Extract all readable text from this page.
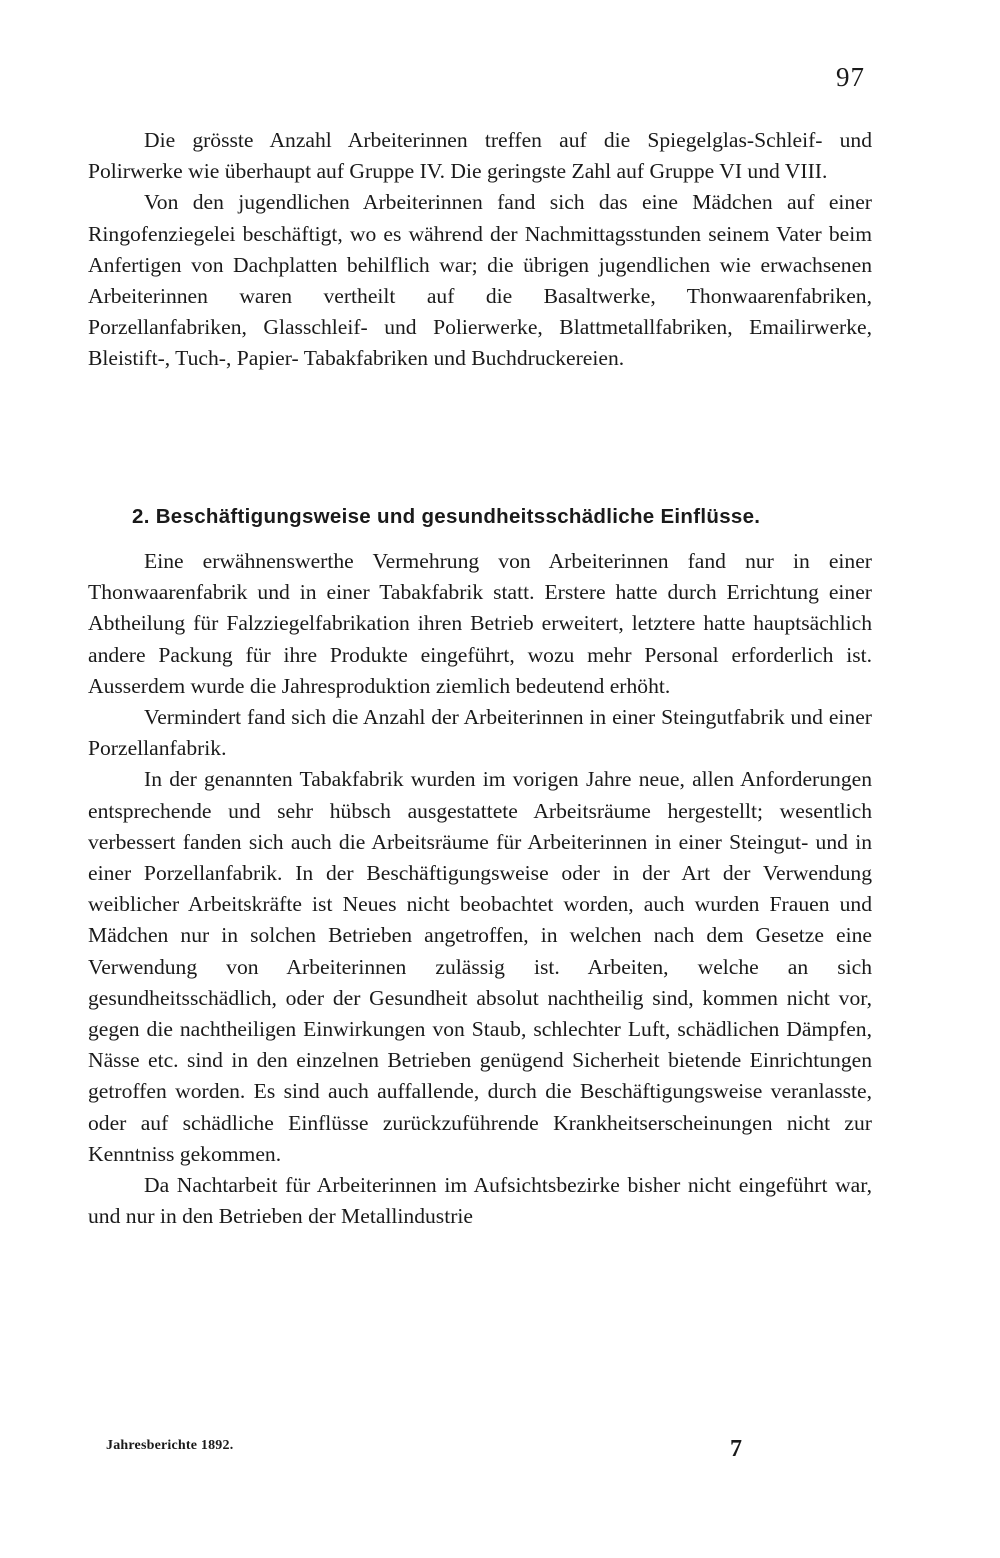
97

Die grösste Anzahl Arbeiterinnen treffen auf die Spiegelglas-Schleif- und Polirwerke wie überhaupt auf Gruppe IV. Die geringste Zahl auf Gruppe VI und VIII.

Von den jugendlichen Arbeiterinnen fand sich das eine Mädchen auf einer Ringofenziegelei beschäftigt, wo es während der Nachmittagsstunden seinem Vater beim Anfertigen von Dachplatten behilflich war; die übrigen jugendlichen wie erwachsenen Arbeiterinnen waren vertheilt auf die Basaltwerke, Thonwaarenfabriken, Porzellanfabriken, Glasschleif- und Polierwerke, Blattmetallfabriken, Emailirwerke, Bleistift-, Tuch-, Papier- Tabakfabriken und Buchdruckereien.

2. Beschäftigungsweise und gesundheitsschädliche Einflüsse.

Eine erwähnenswerthe Vermehrung von Arbeiterinnen fand nur in einer Thonwaarenfabrik und in einer Tabakfabrik statt. Erstere hatte durch Errichtung einer Abtheilung für Falzziegelfabrikation ihren Betrieb erweitert, letztere hatte hauptsächlich andere Packung für ihre Produkte eingeführt, wozu mehr Personal erforderlich ist. Ausserdem wurde die Jahresproduktion ziemlich bedeutend erhöht.

Vermindert fand sich die Anzahl der Arbeiterinnen in einer Steingutfabrik und einer Porzellanfabrik.

In der genannten Tabakfabrik wurden im vorigen Jahre neue, allen Anforderungen entsprechende und sehr hübsch ausgestattete Arbeitsräume hergestellt; wesentlich verbessert fanden sich auch die Arbeitsräume für Arbeiterinnen in einer Steingut- und in einer Porzellanfabrik. In der Beschäftigungsweise oder in der Art der Verwendung weiblicher Arbeitskräfte ist Neues nicht beobachtet worden, auch wurden Frauen und Mädchen nur in solchen Betrieben angetroffen, in welchen nach dem Gesetze eine Verwendung von Arbeiterinnen zulässig ist. Arbeiten, welche an sich gesundheitsschädlich, oder der Gesundheit absolut nachtheilig sind, kommen nicht vor, gegen die nachtheiligen Einwirkungen von Staub, schlechter Luft, schädlichen Dämpfen, Nässe etc. sind in den einzelnen Betrieben genügend Sicherheit bietende Einrichtungen getroffen worden. Es sind auch auffallende, durch die Beschäftigungsweise veranlasste, oder auf schädliche Einflüsse zurückzuführende Krankheitserscheinungen nicht zur Kenntniss gekommen.

Da Nachtarbeit für Arbeiterinnen im Aufsichtsbezirke bisher nicht eingeführt war, und nur in den Betrieben der Metallindustrie

Jahresberichte 1892.	7
